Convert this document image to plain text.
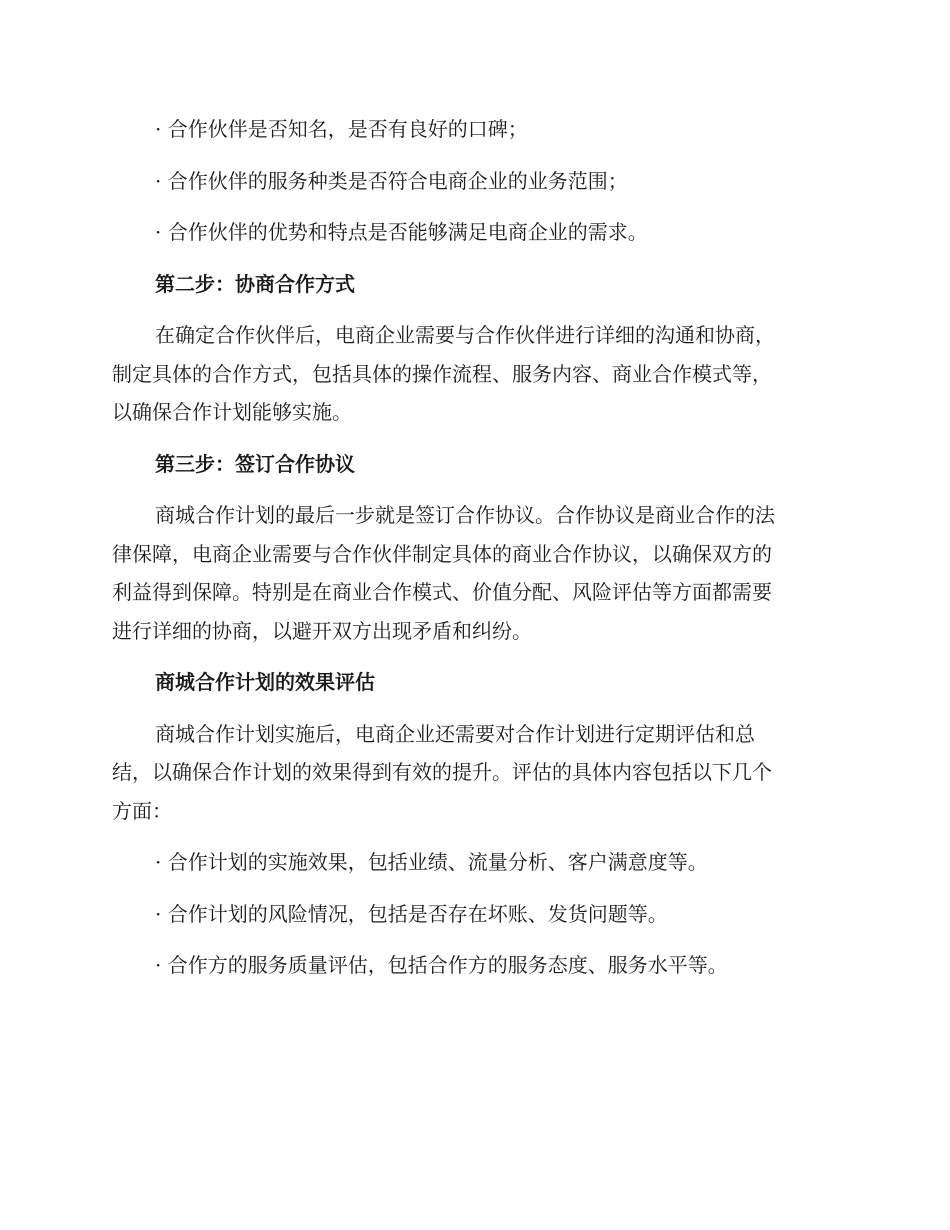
· 合作伙伴是否知名，是否有良好的口碑；

· 合作伙伴的服务种类是否符合电商企业的业务范围；

· 合作伙伴的优势和特点是否能够满足电商企业的需求。

第二步：协商合作方式

在确定合作伙伴后，电商企业需要与合作伙伴进行详细的沟通和协商，

制定具体的合作方式，包括具体的操作流程、服务内容、商业合作模式等，

以确保合作计划能够实施。

第三步：签订合作协议

商城合作计划的最后一步就是签订合作协议。合作协议是商业合作的法

律保障，电商企业需要与合作伙伴制定具体的商业合作协议，以确保双方的

利益得到保障。特别是在商业合作模式、价值分配、风险评估等方面都需要

进行详细的协商，以避开双方出现矛盾和纠纷。

商城合作计划的效果评估

商城合作计划实施后，电商企业还需要对合作计划进行定期评估和总

结，以确保合作计划的效果得到有效的提升。评估的具体内容包括以下几个

方面：

· 合作计划的实施效果，包括业绩、流量分析、客户满意度等。

· 合作计划的风险情况，包括是否存在坏账、发货问题等。

· 合作方的服务质量评估，包括合作方的服务态度、服务水平等。
